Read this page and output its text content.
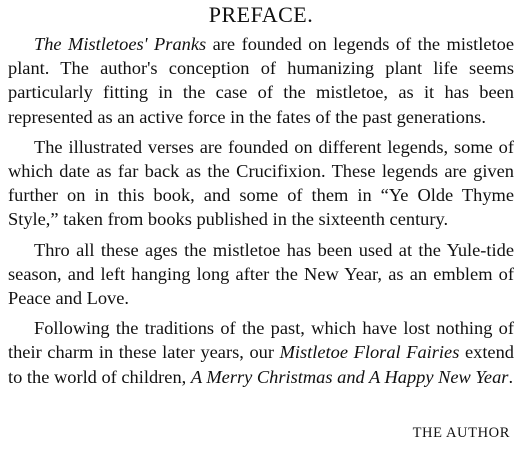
PREFACE.

The Mistletoes' Pranks are founded on legends of the mistletoe plant. The author's conception of humanizing plant life seems particularly fitting in the case of the mistletoe, as it has been represented as an active force in the fates of the past generations.

The illustrated verses are founded on different legends, some of which date as far back as the Crucifixion. These legends are given further on in this book, and some of them in “Ye Olde Thyme Style,” taken from books published in the sixteenth century.

Thro all these ages the mistletoe has been used at the Yule-tide season, and left hanging long after the New Year, as an emblem of Peace and Love.

Following the traditions of the past, which have lost nothing of their charm in these later years, our Mistletoe Floral Fairies extend to the world of children, A Merry Christmas and A Happy New Year.

THE AUTHOR
